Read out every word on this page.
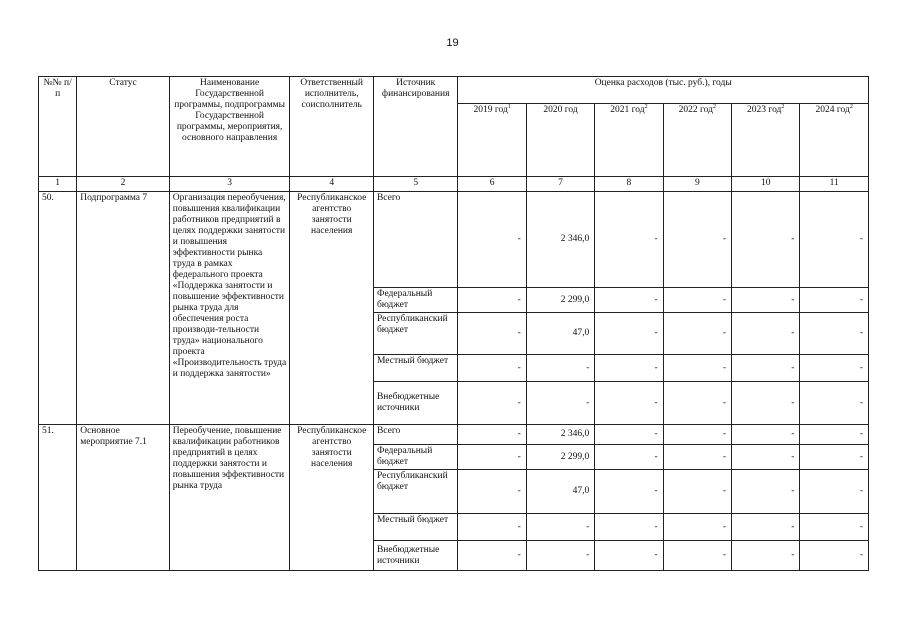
19
№№ п/п	Статус	Наименование Государственной программы, подпрограммы Государственной программы, мероприятия, основного направления	Ответственный исполнитель, соисполнитель	Источник финансирования	Оценка расходов (тыс. руб.), годы					
					2019 год$^1$	2020 год	2021 год$^2$	2022 год$^2$	2023 год$^2$	2024 год$^2$
1	2	3	4	5	6	7	8	9	10	11
50.	Подпрограмма 7	Организация переобучения, повышения квалификации работников предприятий в целях поддержки занятости и повышения эффективности рынка труда в рамках федерального проекта «Поддержка занятости и повышение эффективности рынка труда для обеспечения роста производи-тельности труда» национального проекта «Производительность труда и поддержка занятости»	Республиканское агентство занятости населения	Всего	-	2 346,0	-	-	-	-
				Федеральный бюджет	-	2 299,0	-	-	-	-
				Республиканский бюджет	-	47,0	-	-	-	-
				Местный бюджет	-	-	-	-	-	-
				Внебюджетные источники	-	-	-	-	-	-
51.	Основное мероприятие 7.1	Переобучение, повышение квалификации работников предприятий в целях поддержки занятости и повышения эффективности рынка труда	Республиканское агентство занятости населения	Всего	-	2 346,0	-	-	-	-
				Федеральный бюджет	-	2 299,0	-	-	-	-
				Республиканский бюджет	-	47,0	-	-	-	-
				Местный бюджет	-	-	-	-	-	-
				Внебюджетные источники	-	-	-	-	-	-
